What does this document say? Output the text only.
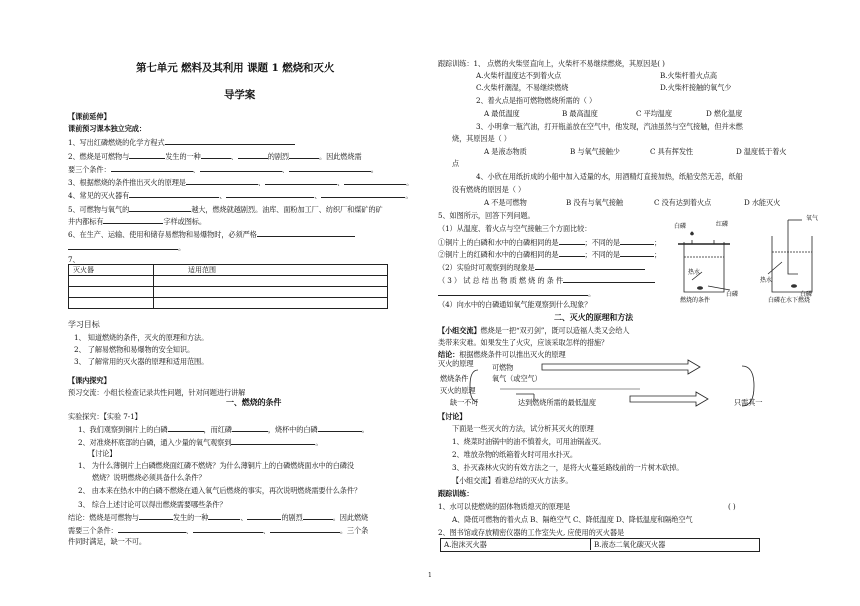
第七单元 燃料及其利用 课题 1 燃烧和灭火
导学案
【课前延伸】
课前预习课本独立完成：
1、写出红磷燃烧的化学方程式
2、燃烧是可燃物与	发生的一种	、	的剧烈	。因此燃烧需
要三个条件：	、	、	。
3、根据燃烧的条件推出灭火的原理是	、	、	。
4、常见的灭火器有	、	、	。
5、可燃物与氧气的	越大，燃烧就越剧烈。油库、面粉加工厂、纺织厂和煤矿的矿
井内都标有	字样或图标。
6、在生产、运输、使用和储存易燃物和易爆物时，必须严格
。
7、
灭火器	适用范围

学习目标
1、 知道燃烧的条件，灭火的原理和方法。
2、 了解易燃物和易爆物的安全知识。
3、 了解常用的灭火器的原理和适用范围。
【课内探究】
预习交流：小组长检查记录共性问题，针对问题进行讲解
一、燃烧的条件
实验探究：【实验 7-1】
1、我们观察到铜片上的白磷	，而红磷	，烧杯中的白磷	。
2、对准烧杯底部的白磷，通入少量的氧气观察到	。
【讨论】
1、 为什么薄铜片上白磷燃烧面红磷不燃烧？为什么薄铜片上的白磷燃烧面水中的白磷没
燃烧？说明燃烧必须具备什么条件？
2、 由本来在热水中的白磷不燃烧在通入氧气后燃烧的事实，再次说明燃烧需要什么条件？
3、 综合上述讨论可以得出燃烧需要哪些条件？
结论：燃烧是可燃物与	发生的一种	、	的剧烈	。因此燃烧
需要三个条件：	、	、	。三个条
件同时满足，缺一不可。
跟踪训练：1、 点燃的火柴竖直向上，火柴杆不易继续燃烧，其原因是( )
A.火柴杆温度达不到着火点	B.火柴杆着火点高
C.火柴杆潮湿，不易继续燃烧	D.火柴杆接触的氧气少
2、着火点是指可燃物燃烧所需的（ ）
A 最低温度	B 最高温度	C 平均温度	D 燃化温度
3、小明拿一瓶汽油，打开瓶盖放在空气中，他发现，汽油虽然与空气接触，但并未燃
烧，其原因是（ ）
A 是液态物质	B 与氧气接触少	C 具有挥发性	D 温度低于着火
点
4、小欣在用纸折成的小船中加入适量的水，用酒精灯直接加热，纸船安然无恙，纸船
没有燃烧的原因是（ ）
A 不是可燃物	B 没有与氧气接触	C 没有达到着火点	D 水能灭火
5、如图所示，回答下列问题。
（1）从温度、着火点与空气接触三个方面比较：
①铜片上的白磷和水中的白磷相同的是	；不同的是	；
②铜片上的红磷和水中的白磷相同的是	；不同的是	；
（2）实验时可观察到的现象是
（ 3 ） 试 总 结 出 物 质 燃 烧 的 条 件
。
（4）向水中的白磷通如氧气能观察到什么现象？
白磷	红磷
热水
白磷
燃烧的条件
氧气
热水
白磷
白磷在水下燃烧
二、灭火的原理和方法
【小组交流】燃烧是一把“双刃剑”，既可以造福人类又会给人
类带来灾难。如果发生了火灾，应该采取怎样的措施？
结论：根据燃烧条件可以推出灭火的原理
灭火的原理	可燃物
燃烧条件	氧气（或空气）
灭火的原理
缺一不可	达到燃烧所需的最低温度	只需其一
【讨论】
下面是一些灭火的方法，试分析其灭火的原理
1、烧菜时油锅中的油不慎着火，可用油锅盖灭。
2、堆放杂物的纸箱着火时可用水扑灭。
3、扑灭森林火灾的有效方法之一，是将大火蔓延路线前的一片树木砍掉。
【小组交流】看谁总结的灭火方法多。
跟踪训练：
1、水可以使燃烧的固体物质熄灭的原理是	( )
A、降低可燃物的着火点 B、隔绝空气 C、降低温度 D、降低温度和隔绝空气
2、图书馆或存放精密仪器的工作室失火, 应使用的灭火器是
A.泡沫灭火器	B.液态二氧化碳灭火器
1
